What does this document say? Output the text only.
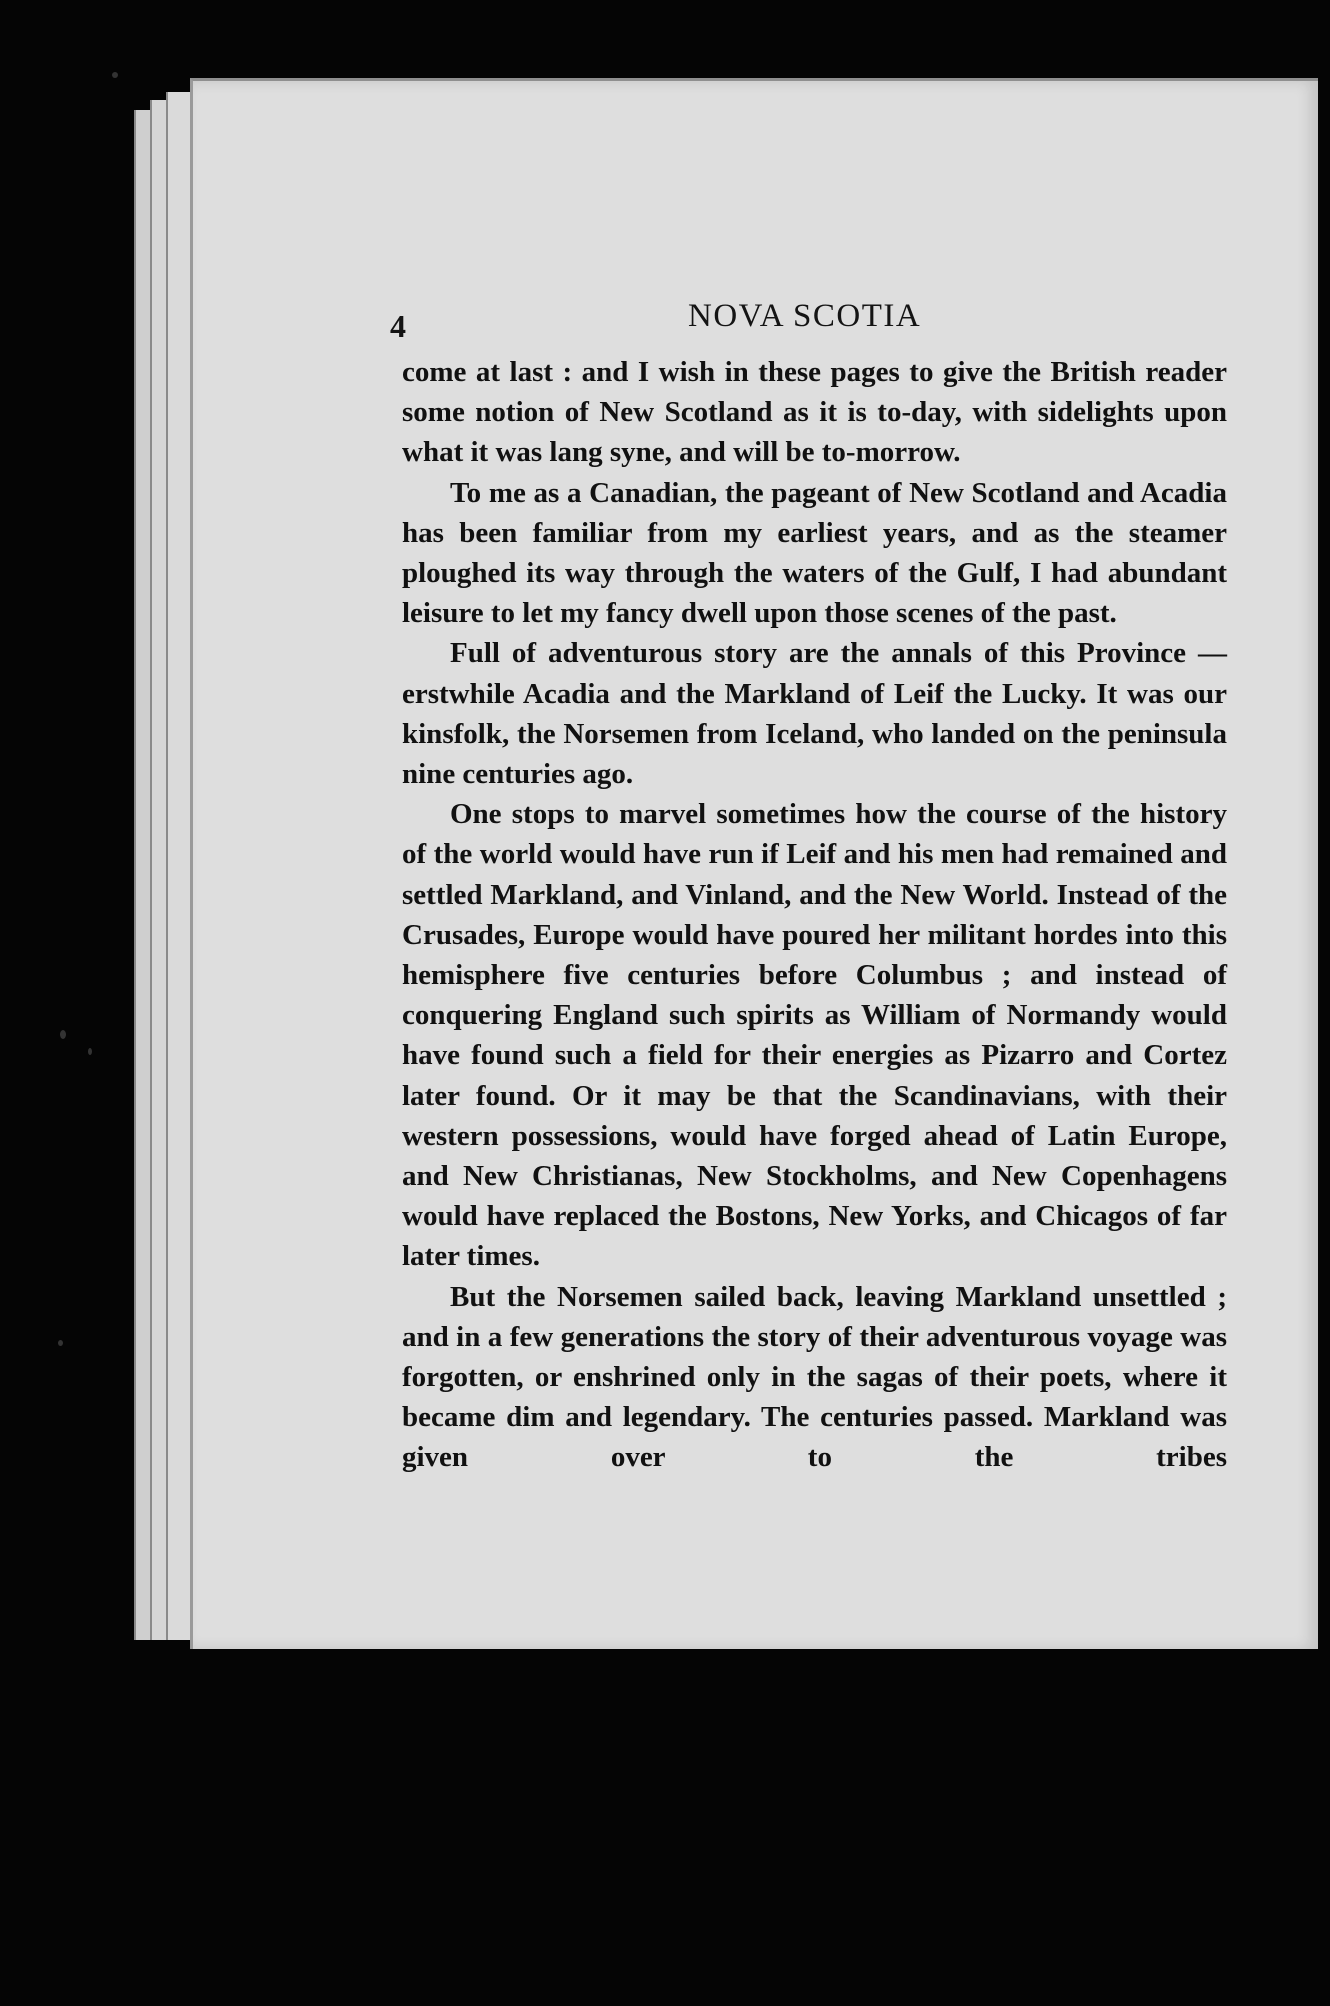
4	NOVA SCOTIA

come at last : and I wish in these pages to give the British reader some notion of New Scotland as it is to-day, with sidelights upon what it was lang syne, and will be to-morrow.

To me as a Canadian, the pageant of New Scotland and Acadia has been familiar from my earliest years, and as the steamer ploughed its way through the waters of the Gulf, I had abundant leisure to let my fancy dwell upon those scenes of the past.

Full of adventurous story are the annals of this Province —erstwhile Acadia and the Markland of Leif the Lucky. It was our kinsfolk, the Norsemen from Iceland, who landed on the peninsula nine centuries ago.

One stops to marvel sometimes how the course of the history of the world would have run if Leif and his men had remained and settled Markland, and Vinland, and the New World. Instead of the Crusades, Europe would have poured her militant hordes into this hemisphere five centuries before Columbus ; and instead of conquering England such spirits as William of Normandy would have found such a field for their energies as Pizarro and Cortez later found. Or it may be that the Scandinavians, with their western possessions, would have forged ahead of Latin Europe, and New Christianas, New Stockholms, and New Copenhagens would have replaced the Bostons, New Yorks, and Chicagos of far later times.

But the Norsemen sailed back, leaving Markland unsettled ; and in a few generations the story of their adventurous voyage was forgotten, or enshrined only in the sagas of their poets, where it became dim and legendary. The centuries passed. Markland was given over to the tribes
